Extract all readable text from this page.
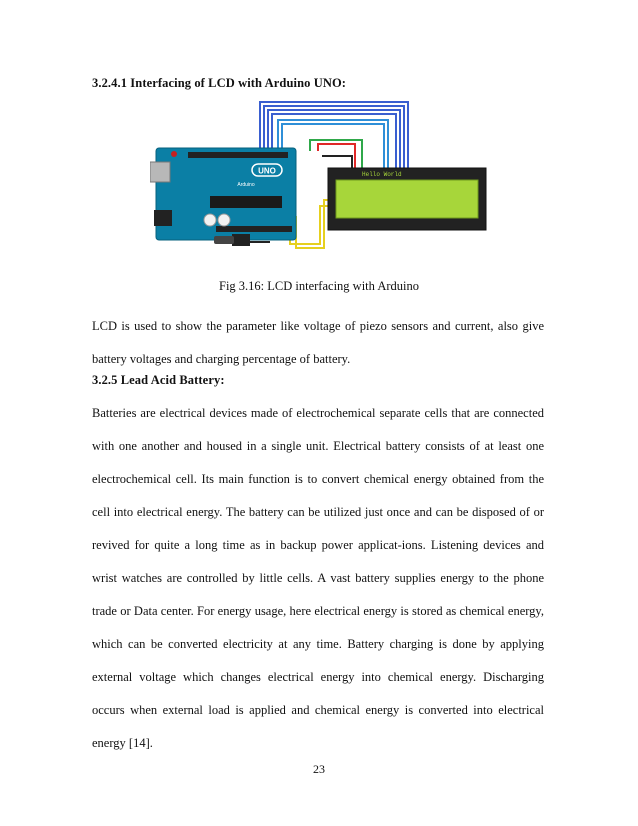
3.2.4.1 Interfacing of LCD with Arduino UNO:
UNO
Arduino
Hello World
Fig 3.16: LCD interfacing with Arduino

LCD is used to show the parameter like voltage of piezo sensors and current, also give battery voltages and charging percentage of battery.

3.2.5 Lead Acid Battery:

Batteries are electrical devices made of electrochemical separate cells that are connected with one another and housed in a single unit. Electrical battery consists of at least one electrochemical cell. Its main function is to convert chemical energy obtained from the cell into electrical energy. The battery can be utilized just once and can be disposed of or revived for quite a long time as in backup power applicat-ions. Listening devices and wrist watches are controlled by little cells. A vast battery supplies energy to the phone trade or Data center. For energy usage, here electrical energy is stored as chemical energy, which can be converted electricity at any time. Battery charging is done by applying external voltage which changes electrical energy into chemical energy. Discharging occurs when external load is applied and chemical energy is converted into electrical energy [14].

23
